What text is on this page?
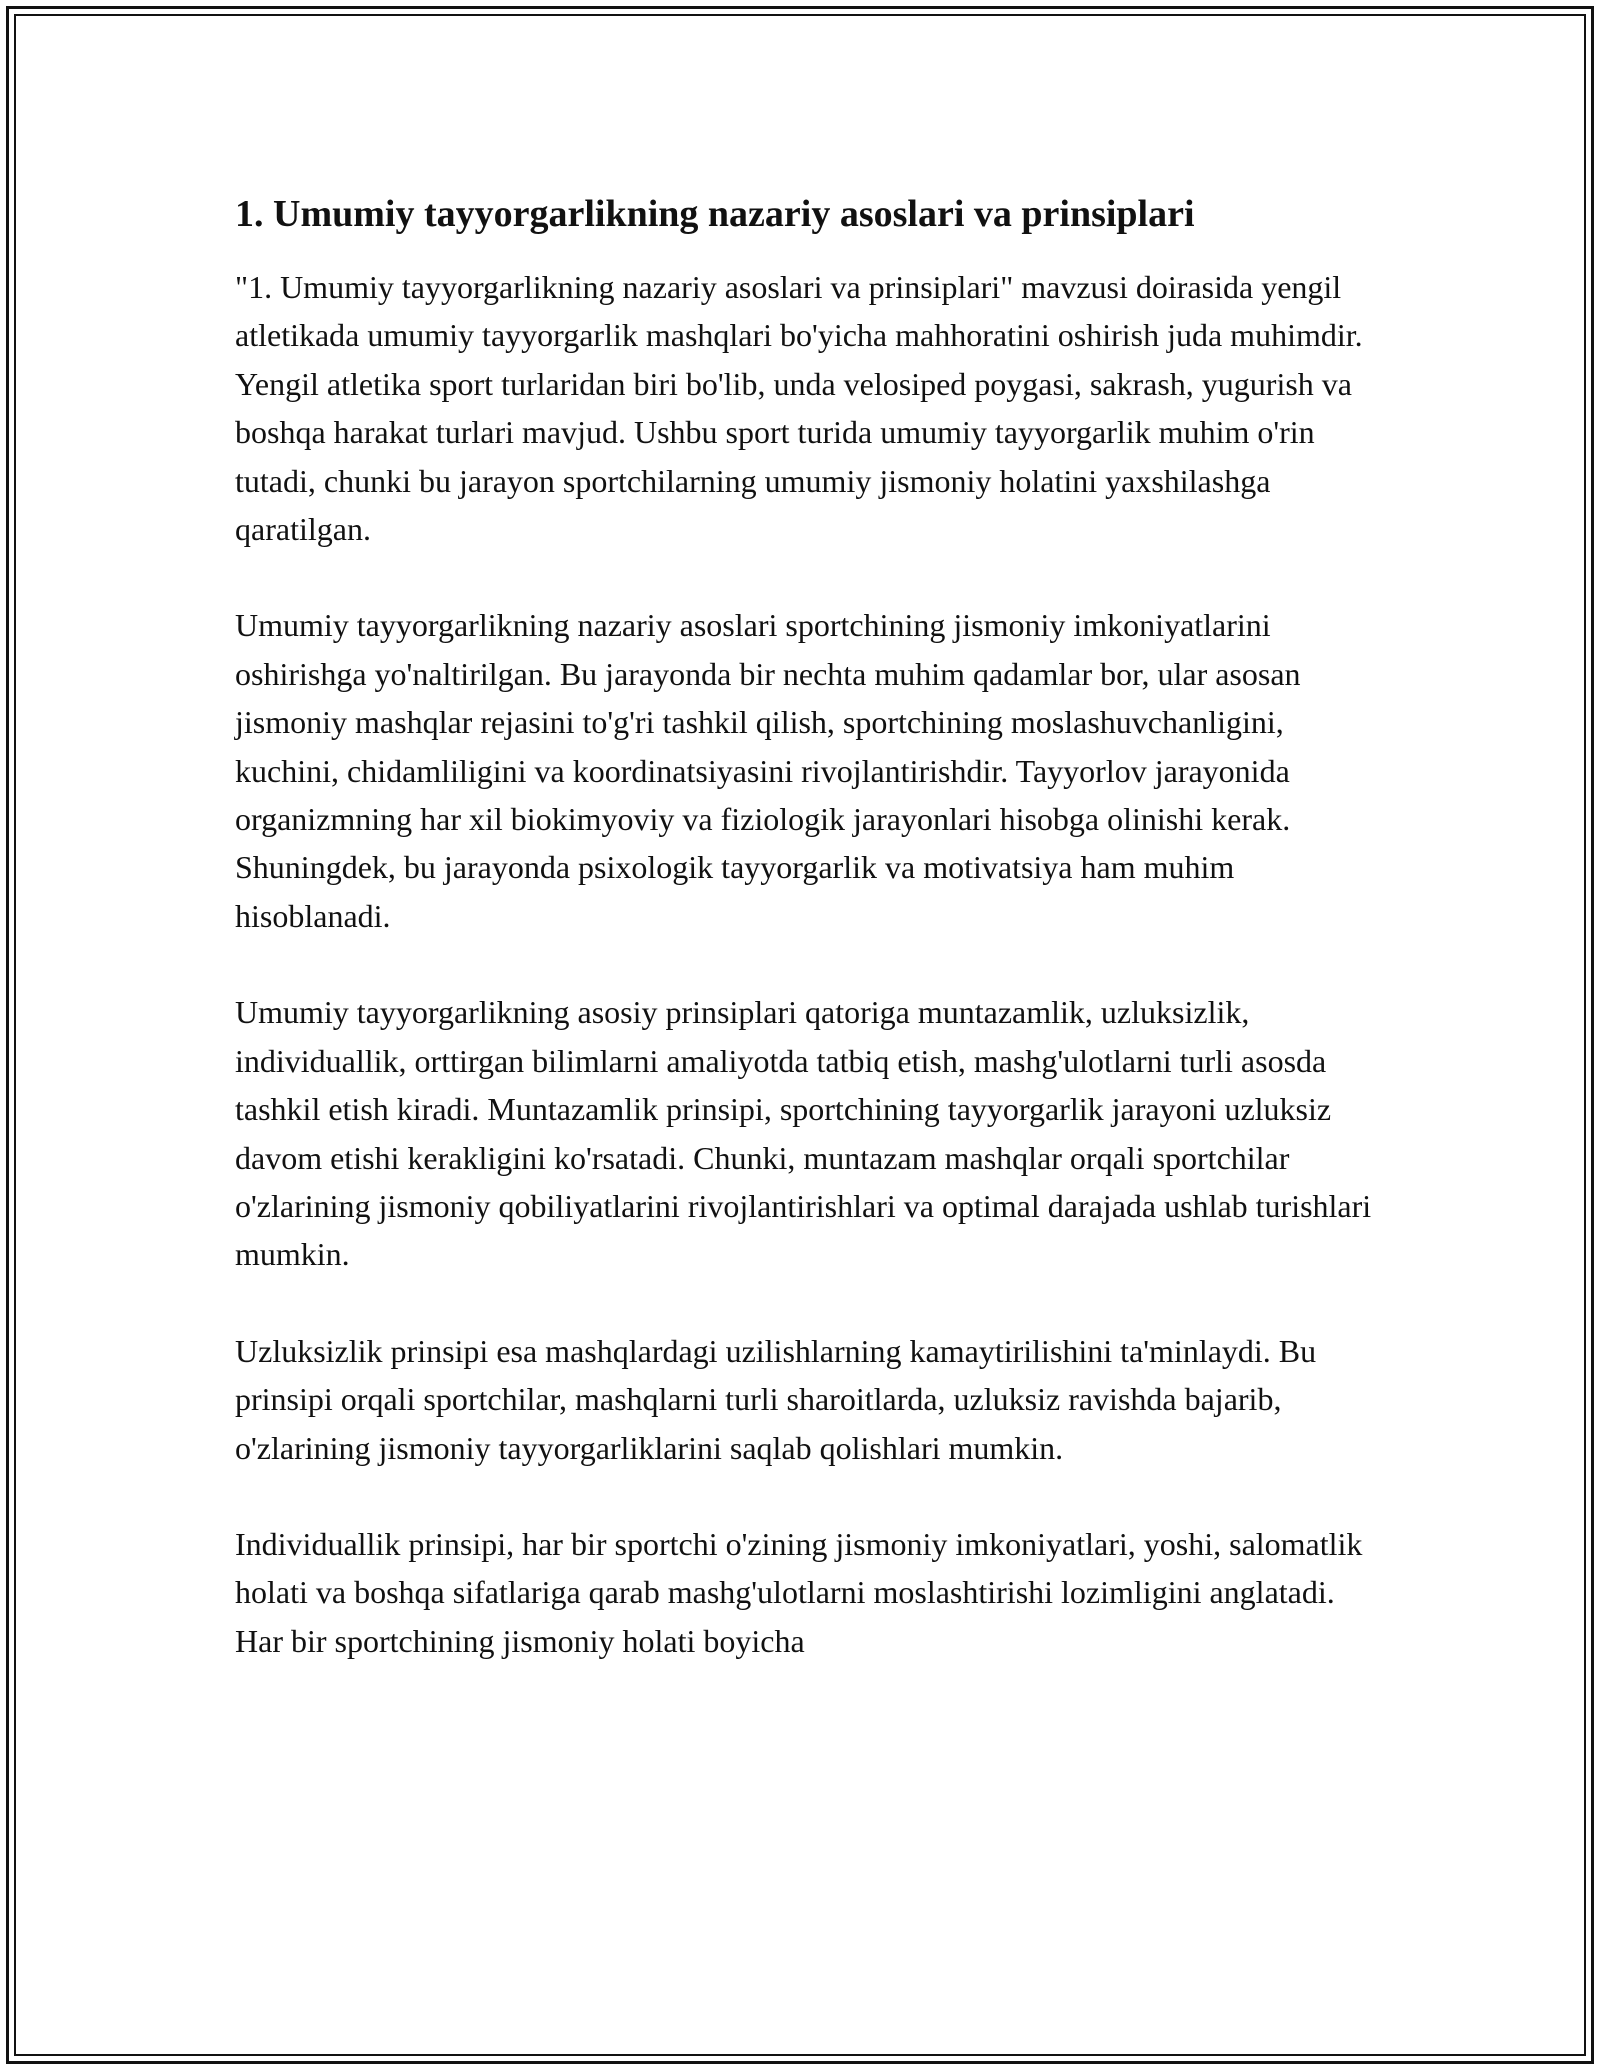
1. Umumiy tayyorgarlikning nazariy asoslari va prinsiplari

"1. Umumiy tayyorgarlikning nazariy asoslari va prinsiplari" mavzusi doirasida yengil atletikada umumiy tayyorgarlik mashqlari bo'yicha mahhoratini oshirish juda muhimdir. Yengil atletika sport turlaridan biri bo'lib, unda velosiped poygasi, sakrash, yugurish va boshqa harakat turlari mavjud. Ushbu sport turida umumiy tayyorgarlik muhim o'rin tutadi, chunki bu jarayon sportchilarning umumiy jismoniy holatini yaxshilashga qaratilgan.

Umumiy tayyorgarlikning nazariy asoslari sportchining jismoniy imkoniyatlarini oshirishga yo'naltirilgan. Bu jarayonda bir nechta muhim qadamlar bor, ular asosan jismoniy mashqlar rejasini to'g'ri tashkil qilish, sportchining moslashuvchanligini, kuchini, chidamliligini va koordinatsiyasini rivojlantirishdir. Tayyorlov jarayonida organizmning har xil biokimyoviy va fiziologik jarayonlari hisobga olinishi kerak. Shuningdek, bu jarayonda psixologik tayyorgarlik va motivatsiya ham muhim hisoblanadi.

Umumiy tayyorgarlikning asosiy prinsiplari qatoriga muntazamlik, uzluksizlik, individuallik, orttirgan bilimlarni amaliyotda tatbiq etish, mashg'ulotlarni turli asosda tashkil etish kiradi. Muntazamlik prinsipi, sportchining tayyorgarlik jarayoni uzluksiz davom etishi kerakligini ko'rsatadi. Chunki, muntazam mashqlar orqali sportchilar o'zlarining jismoniy qobiliyatlarini rivojlantirishlari va optimal darajada ushlab turishlari mumkin.

Uzluksizlik prinsipi esa mashqlardagi uzilishlarning kamaytirilishini ta'minlaydi. Bu prinsipi orqali sportchilar, mashqlarni turli sharoitlarda, uzluksiz ravishda bajarib, o'zlarining jismoniy tayyorgarliklarini saqlab qolishlari mumkin.

Individuallik prinsipi, har bir sportchi o'zining jismoniy imkoniyatlari, yoshi, salomatlik holati va boshqa sifatlariga qarab mashg'ulotlarni moslashtirishi lozimligini anglatadi. Har bir sportchining jismoniy holati boyicha
